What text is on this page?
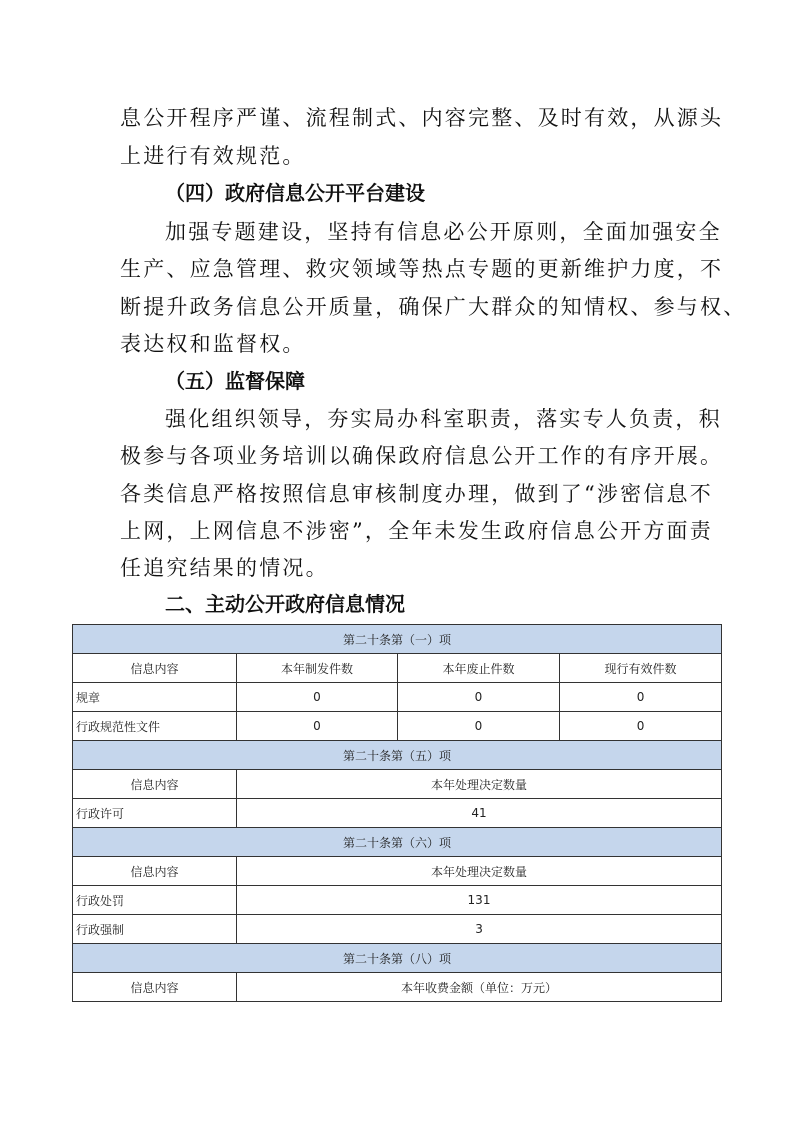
息公开程序严谨、流程制式、内容完整、及时有效，从源头
上进行有效规范。
（四）政府信息公开平台建设
加强专题建设，坚持有信息必公开原则，全面加强安全
生产、应急管理、救灾领域等热点专题的更新维护力度，不
断提升政务信息公开质量，确保广大群众的知情权、参与权、
表达权和监督权。
（五）监督保障
强化组织领导，夯实局办科室职责，落实专人负责，积
极参与各项业务培训以确保政府信息公开工作的有序开展。
各类信息严格按照信息审核制度办理，做到了“涉密信息不
上网，上网信息不涉密”，全年未发生政府信息公开方面责
任追究结果的情况。
二、主动公开政府信息情况
第二十条第（一）项			
信息内容	本年制发件数	本年废止件数	现行有效件数
规章	0	0	0
行政规范性文件	0	0	0
第二十条第（五）项			
信息内容	本年处理决定数量		
行政许可	41		
第二十条第（六）项			
信息内容	本年处理决定数量		
行政处罚	131		
行政强制	3		
第二十条第（八）项			
信息内容	本年收费金额（单位：万元）		
